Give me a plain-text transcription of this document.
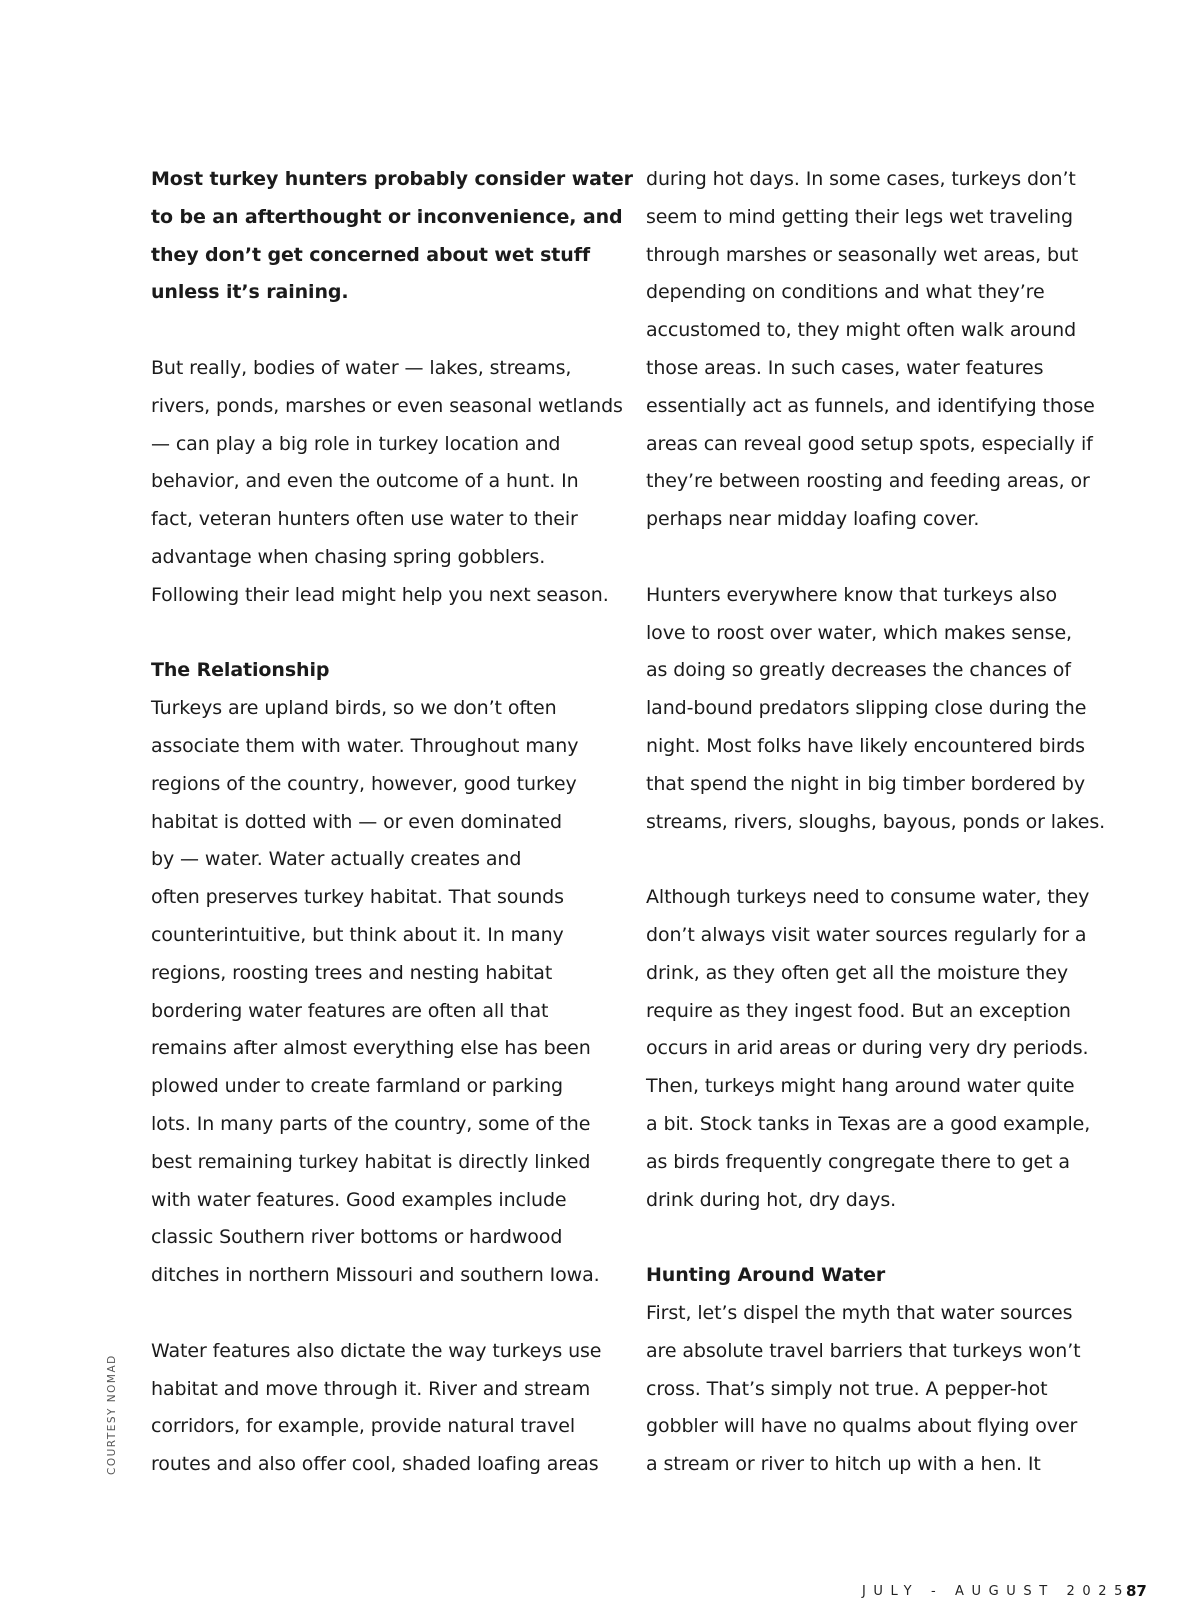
Most turkey hunters probably consider water
to be an afterthought or inconvenience, and
they don’t get concerned about wet stuff
unless it’s raining.
But really, bodies of water — lakes, streams,
rivers, ponds, marshes or even seasonal wetlands
— can play a big role in turkey location and
behavior, and even the outcome of a hunt. In
fact, veteran hunters often use water to their
advantage when chasing spring gobblers.
Following their lead might help you next season.
The Relationship
Turkeys are upland birds, so we don’t often
associate them with water. Throughout many
regions of the country, however, good turkey
habitat is dotted with — or even dominated
by — water. Water actually creates and
often preserves turkey habitat. That sounds
counterintuitive, but think about it. In many
regions, roosting trees and nesting habitat
bordering water features are often all that
remains after almost everything else has been
plowed under to create farmland or parking
lots. In many parts of the country, some of the
best remaining turkey habitat is directly linked
with water features. Good examples include
classic Southern river bottoms or hardwood
ditches in northern Missouri and southern Iowa.
Water features also dictate the way turkeys use
habitat and move through it. River and stream
corridors, for example, provide natural travel
routes and also offer cool, shaded loafing areas
during hot days. In some cases, turkeys don’t
seem to mind getting their legs wet traveling
through marshes or seasonally wet areas, but
depending on conditions and what they’re
accustomed to, they might often walk around
those areas. In such cases, water features
essentially act as funnels, and identifying those
areas can reveal good setup spots, especially if
they’re between roosting and feeding areas, or
perhaps near midday loafing cover.
Hunters everywhere know that turkeys also
love to roost over water, which makes sense,
as doing so greatly decreases the chances of
land-bound predators slipping close during the
night. Most folks have likely encountered birds
that spend the night in big timber bordered by
streams, rivers, sloughs, bayous, ponds or lakes.
Although turkeys need to consume water, they
don’t always visit water sources regularly for a
drink, as they often get all the moisture they
require as they ingest food. But an exception
occurs in arid areas or during very dry periods.
Then, turkeys might hang around water quite
a bit. Stock tanks in Texas are a good example,
as birds frequently congregate there to get a
drink during hot, dry days.
Hunting Around Water
First, let’s dispel the myth that water sources
are absolute travel barriers that turkeys won’t
cross. That’s simply not true. A pepper-hot
gobbler will have no qualms about flying over
a stream or river to hitch up with a hen. It
COURTESY NOMAD
JULY - AUGUST 2025
87
